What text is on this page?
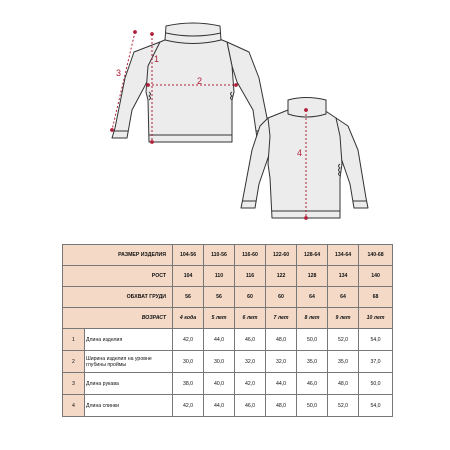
1
2
3
4
РАЗМЕР ИЗДЕЛИЯ		104-56	110-56	116-60	122-60	128-64	134-64	140-68
РОСТ		104	110	116	122	128	134	140
ОБХВАТ ГРУДИ		56	56	60	60	64	64	68
ВОЗРАСТ		4 года	5 лет	6 лет	7 лет	8 лет	9 лет	10 лет
1	Длина изделия	42,0	44,0	46,0	48,0	50,0	52,0	54,0
2	Ширина изделия на уровне глубины проймы	30,0	30,0	32,0	32,0	35,0	35,0	37,0
3	Длина рукава	38,0	40,0	42,0	44,0	46,0	48,0	50,0
4	Длина спинки	42,0	44,0	46,0	48,0	50,0	52,0	54,0
